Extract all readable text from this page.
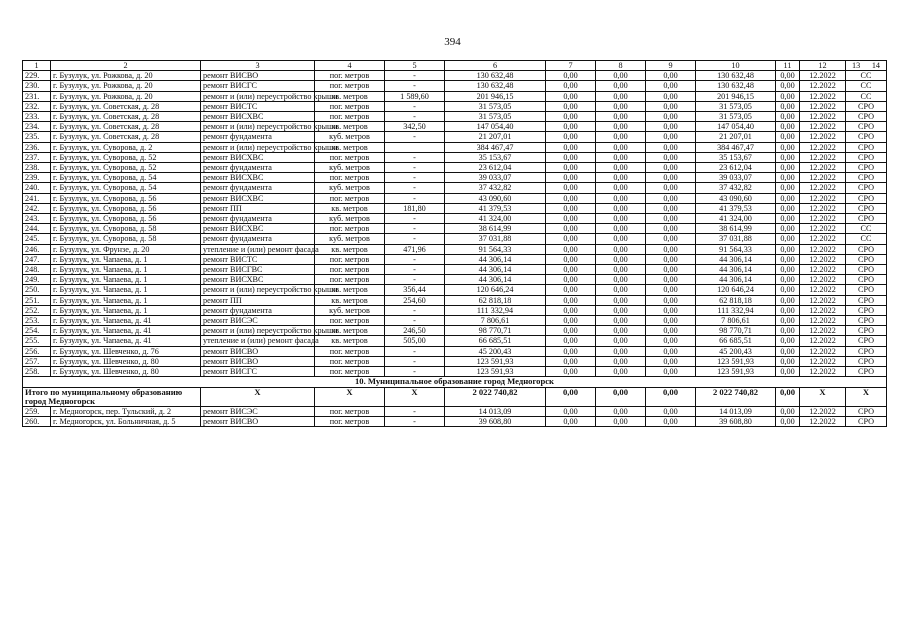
394
1	2	3	4	5	6	7	8	9	10	11	12	13 14

229.	г. Бузулук, ул. Рожкова, д. 20	ремонт ВИСВО	пог. метров	-	130 632,48	0,00	0,00	0,00	130 632,48	0,00	12.2022	СС
230.	г. Бузулук, ул. Рожкова, д. 20	ремонт ВИСГС	пог. метров	-	130 632,48	0,00	0,00	0,00	130 632,48	0,00	12.2022	СС
231.	г. Бузулук, ул. Рожкова, д. 20	ремонт и (или) переустройство крыши	кв. метров	1 589,60	201 946,15	0,00	0,00	0,00	201 946,15	0,00	12.2022	СС
232.	г. Бузулук, ул. Советская, д. 28	ремонт ВИСТС	пог. метров	-	31 573,05	0,00	0,00	0,00	31 573,05	0,00	12.2022	СРО
233.	г. Бузулук, ул. Советская, д. 28	ремонт ВИСХВС	пог. метров	-	31 573,05	0,00	0,00	0,00	31 573,05	0,00	12.2022	СРО
234.	г. Бузулук, ул. Советская, д. 28	ремонт и (или) переустройство крыши	кв. метров	342,50	147 054,40	0,00	0,00	0,00	147 054,40	0,00	12.2022	СРО
235.	г. Бузулук, ул. Советская, д. 28	ремонт фундамента	куб. метров	-	21 207,01	0,00	0,00	0,00	21 207,01	0,00	12.2022	СРО
236.	г. Бузулук, ул. Суворова, д. 2	ремонт и (или) переустройство крыши	кв. метров		384 467,47	0,00	0,00	0,00	384 467,47	0,00	12.2022	СРО
237.	г. Бузулук, ул. Суворова, д. 52	ремонт ВИСХВС	пог. метров	-	35 153,67	0,00	0,00	0,00	35 153,67	0,00	12.2022	СРО
238.	г. Бузулук, ул. Суворова, д. 52	ремонт фундамента	куб. метров	-	23 612,04	0,00	0,00	0,00	23 612,04	0,00	12.2022	СРО
239.	г. Бузулук, ул. Суворова, д. 54	ремонт ВИСХВС	пог. метров	-	39 033,07	0,00	0,00	0,00	39 033,07	0,00	12.2022	СРО
240.	г. Бузулук, ул. Суворова, д. 54	ремонт фундамента	куб. метров	-	37 432,82	0,00	0,00	0,00	37 432,82	0,00	12.2022	СРО
241.	г. Бузулук, ул. Суворова, д. 56	ремонт ВИСХВС	пог. метров	-	43 090,60	0,00	0,00	0,00	43 090,60	0,00	12.2022	СРО
242.	г. Бузулук, ул. Суворова, д. 56	ремонт ПП	кв. метров	181,80	41 379,53	0,00	0,00	0,00	41 379,53	0,00	12.2022	СРО
243.	г. Бузулук, ул. Суворова, д. 56	ремонт фундамента	куб. метров	-	41 324,00	0,00	0,00	0,00	41 324,00	0,00	12.2022	СРО
244.	г. Бузулук, ул. Суворова, д. 58	ремонт ВИСХВС	пог. метров	-	38 614,99	0,00	0,00	0,00	38 614,99	0,00	12.2022	СС
245.	г. Бузулук, ул. Суворова, д. 58	ремонт фундамента	куб. метров	-	37 031,88	0,00	0,00	0,00	37 031,88	0,00	12.2022	СС
246.	г. Бузулук, ул. Фрунзе, д. 20	утепление и (или) ремонт фасада	кв. метров	471,96	91 564,33	0,00	0,00	0,00	91 564,33	0,00	12.2022	СРО
247.	г. Бузулук, ул. Чапаева, д. 1	ремонт ВИСТС	пог. метров	-	44 306,14	0,00	0,00	0,00	44 306,14	0,00	12.2022	СРО
248.	г. Бузулук, ул. Чапаева, д. 1	ремонт ВИСГВС	пог. метров	-	44 306,14	0,00	0,00	0,00	44 306,14	0,00	12.2022	СРО
249.	г. Бузулук, ул. Чапаева, д. 1	ремонт ВИСХВС	пог. метров	-	44 306,14	0,00	0,00	0,00	44 306,14	0,00	12.2022	СРО
250.	г. Бузулук, ул. Чапаева, д. 1	ремонт и (или) переустройство крыши	кв. метров	356,44	120 646,24	0,00	0,00	0,00	120 646,24	0,00	12.2022	СРО
251.	г. Бузулук, ул. Чапаева, д. 1	ремонт ПП	кв. метров	254,60	62 818,18	0,00	0,00	0,00	62 818,18	0,00	12.2022	СРО
252.	г. Бузулук, ул. Чапаева, д. 1	ремонт фундамента	куб. метров	-	111 332,94	0,00	0,00	0,00	111 332,94	0,00	12.2022	СРО
253.	г. Бузулук, ул. Чапаева, д. 41	ремонт ВИСЭС	пог. метров	-	7 806,61	0,00	0,00	0,00	7 806,61	0,00	12.2022	СРО
254.	г. Бузулук, ул. Чапаева, д. 41	ремонт и (или) переустройство крыши	кв. метров	246,50	98 770,71	0,00	0,00	0,00	98 770,71	0,00	12.2022	СРО
255.	г. Бузулук, ул. Чапаева, д. 41	утепление и (или) ремонт фасада	кв. метров	505,00	66 685,51	0,00	0,00	0,00	66 685,51	0,00	12.2022	СРО
256.	г. Бузулук, ул. Шевченко, д. 76	ремонт ВИСВО	пог. метров	-	45 200,43	0,00	0,00	0,00	45 200,43	0,00	12.2022	СРО
257.	г. Бузулук, ул. Шевченко, д. 80	ремонт ВИСВО	пог. метров	-	123 591,93	0,00	0,00	0,00	123 591,93	0,00	12.2022	СРО
258.	г. Бузулук, ул. Шевченко, д. 80	ремонт ВИСГС	пог. метров	-	123 591,93	0,00	0,00	0,00	123 591,93	0,00	12.2022	СРО
10. Муниципальное образование город Медногорск												
Итого по муниципальному образованию город Медногорск		X	X	X	2 022 740,82	0,00	0,00	0,00	2 022 740,82	0,00	X	X
259.	г. Медногорск, пер. Тульский, д. 2	ремонт ВИСЭС	пог. метров	-	14 013,09	0,00	0,00	0,00	14 013,09	0,00	12.2022	СРО
260.	г. Медногорск, ул. Больничная, д. 5	ремонт ВИСВО	пог. метров	-	39 608,80	0,00	0,00	0,00	39 608,80	0,00	12.2022	СРО
